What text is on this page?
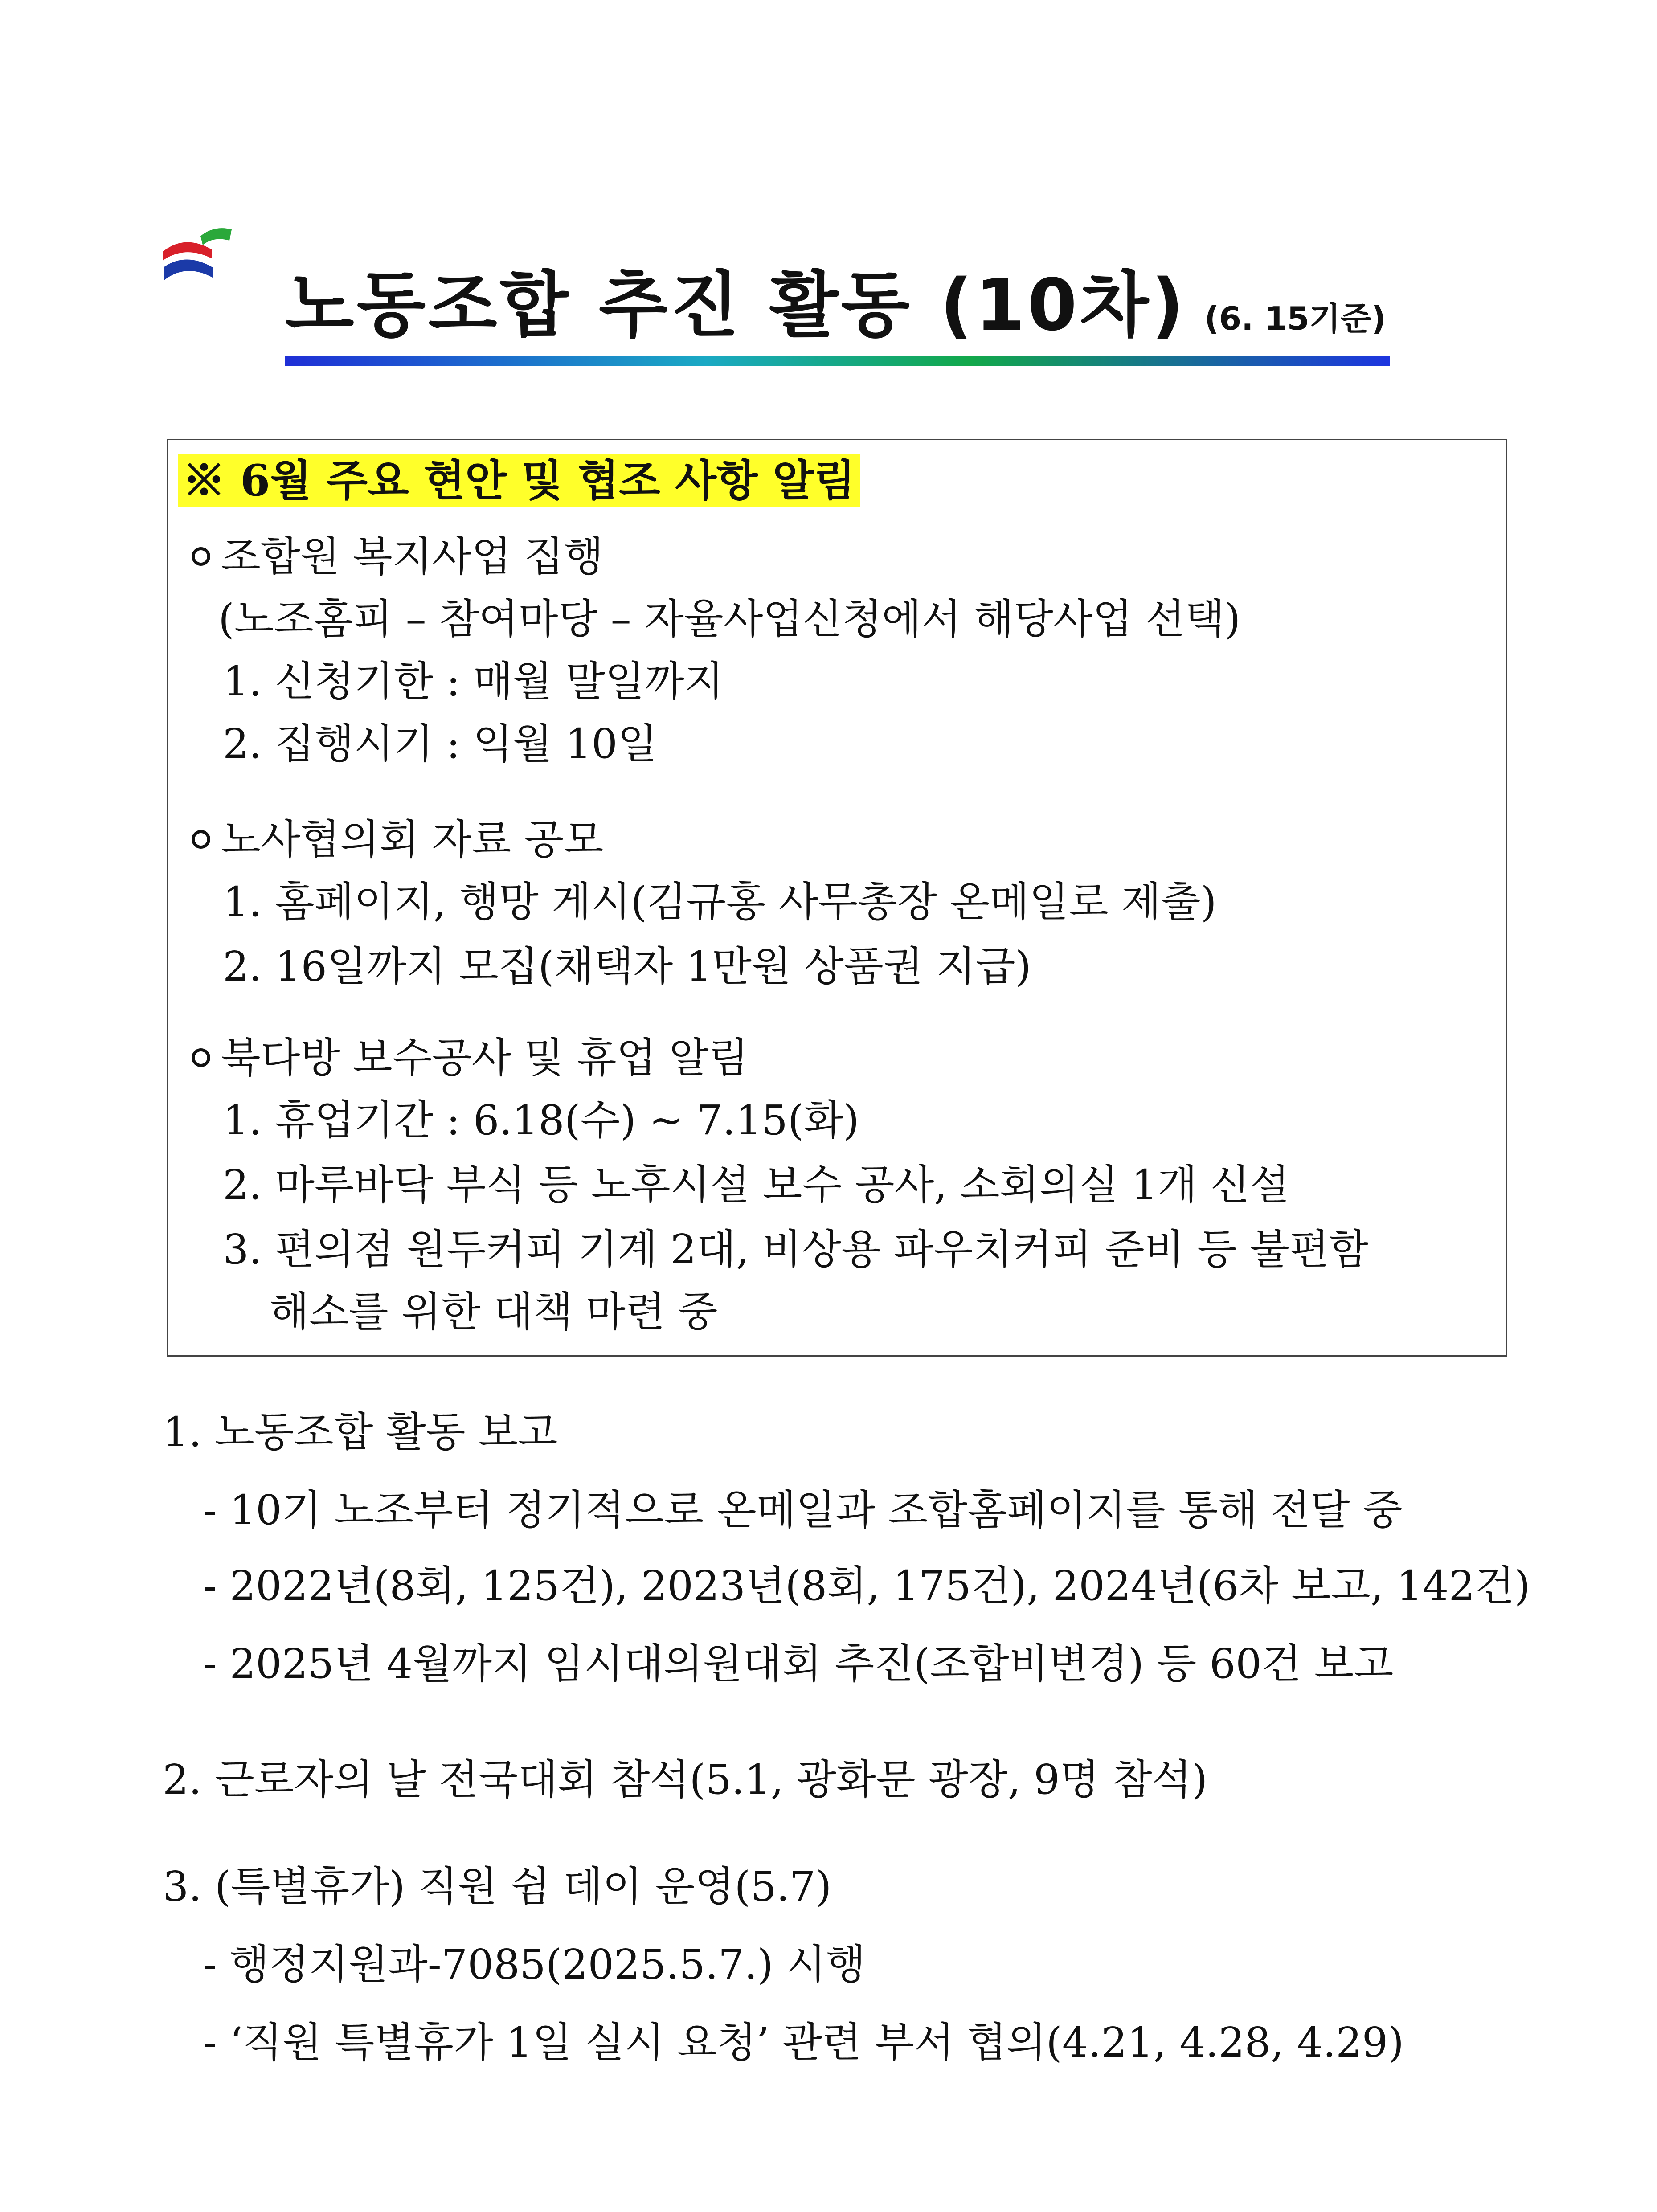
노동조합 추진 활동 (10차) (6. 15기준)
※ 6월 주요 현안 및 협조 사항 알림
조합원 복지사업 집행
(노조홈피 – 참여마당 – 자율사업신청에서 해당사업 선택)
1. 신청기한 : 매월 말일까지
2. 집행시기 : 익월 10일
노사협의회 자료 공모
1. 홈페이지, 행망 게시(김규홍 사무총장 온메일로 제출)
2. 16일까지 모집(채택자 1만원 상품권 지급)
북다방 보수공사 및 휴업 알림
1. 휴업기간 : 6.18(수) ~ 7.15(화)
2. 마루바닥 부식 등 노후시설 보수 공사, 소회의실 1개 신설
3. 편의점 원두커피 기계 2대, 비상용 파우치커피 준비 등 불편함
해소를 위한 대책 마련 중
1. 노동조합 활동 보고
- 10기 노조부터 정기적으로 온메일과 조합홈페이지를 통해 전달 중
- 2022년(8회, 125건), 2023년(8회, 175건), 2024년(6차 보고, 142건)
- 2025년 4월까지 임시대의원대회 추진(조합비변경) 등 60건 보고
2. 근로자의 날 전국대회 참석(5.1, 광화문 광장, 9명 참석)
3. (특별휴가) 직원 쉼 데이 운영(5.7)
- 행정지원과-7085(2025.5.7.) 시행
- ‘직원 특별휴가 1일 실시 요청’ 관련 부서 협의(4.21, 4.28, 4.29)
